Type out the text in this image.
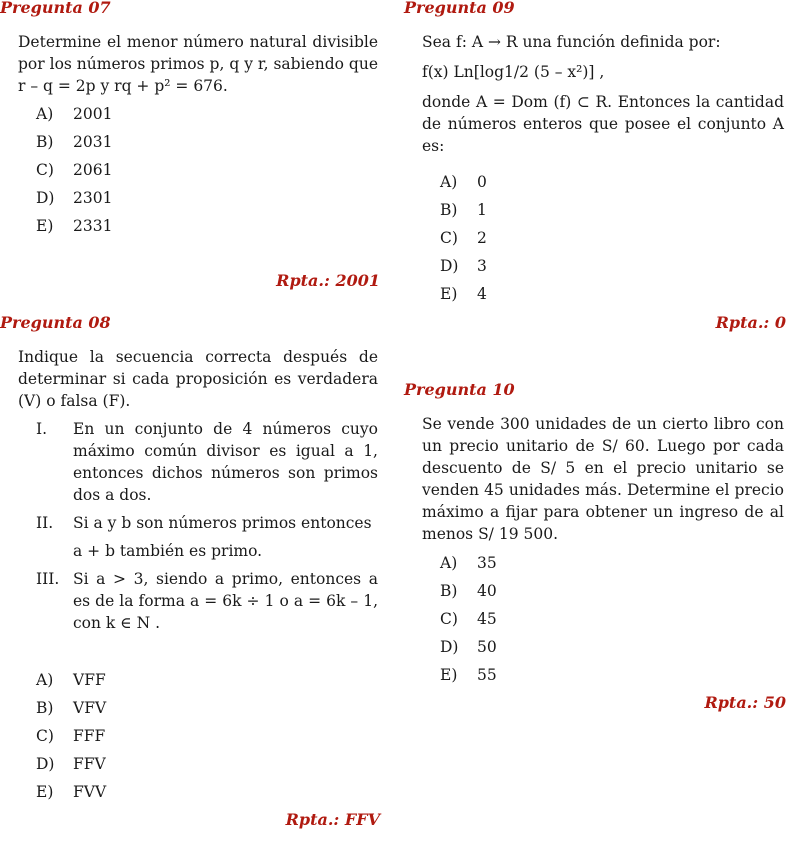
Pregunta 07

Determine el menor número natural divisible por los números primos p, q y r, sabiendo que r – q = 2p y rq + p² = 676.

A) 2001
B) 2031
C) 2061
D) 2301
E) 2331
Rpta.: 2001
Pregunta 08

Indique la secuencia correcta después de determinar si cada proposición es verdadera (V) o falsa (F).

I.	En un conjunto de 4 números cuyo máximo común divisor es igual a 1, entonces dichos números son primos dos a dos.
II.	Si a y b son números primos entonces
a + b también es primo.
III. Si a > 3, siendo a primo, entonces a es de la forma a = 6k ÷ 1 o a = 6k – 1, con k ∈ N .
A) VFF
B) VFV
C) FFF
D) FFV
E) FVV
Rpta.: FFV
Pregunta 09

Sea f: A → R una función definida por:

f(x) Ln[log1/2 (5 – x²)] ,

donde A = Dom (f) ⊂ R. Entonces la cantidad de números enteros que posee el conjunto A es:

A) 0
B) 1
C) 2
D) 3
E) 4
Rpta.: 0
Pregunta 10

Se vende 300 unidades de un cierto libro con un precio unitario de S/ 60. Luego por cada descuento de S/ 5 en el precio unitario se venden 45 unidades más. Determine el precio máximo a fijar para obtener un ingreso de al menos S/ 19 500.

A) 35
B) 40
C) 45
D) 50
E) 55
Rpta.: 50
